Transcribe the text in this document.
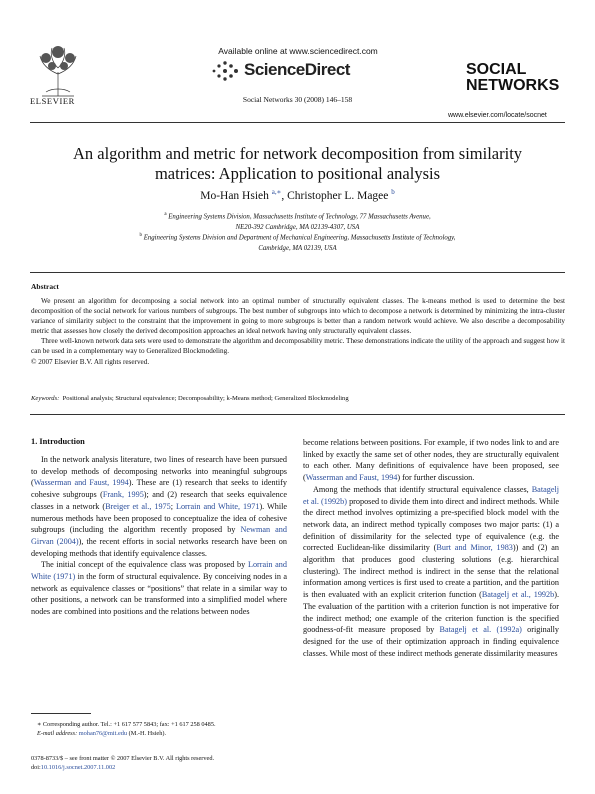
ELSEVIER
Available online at www.sciencedirect.com
ScienceDirect
Social Networks 30 (2008) 146–158
SOCIAL
NETWORKS
www.elsevier.com/locate/socnet
An algorithm and metric for network decomposition from similarity
matrices: Application to positional analysis
Mo-Han Hsieh $^{a,∗}$, Christopher L. Magee $^b$
$^a$ Engineering Systems Division, Massachusetts Institute of Technology, 77 Massachusetts Avenue,
NE20-392 Cambridge, MA 02139-4307, USA
$^b$ Engineering Systems Division and Department of Mechanical Engineering, Massachusetts Institute of Technology,
Cambridge, MA 02139, USA
Abstract

We present an algorithm for decomposing a social network into an optimal number of structurally equivalent classes. The k-means method is used to determine the best decomposition of the social network for various numbers of subgroups. The best number of subgroups into which to decompose a network is determined by minimizing the intra-cluster variance of similarity subject to the constraint that the improvement in going to more subgroups is better than a random network would achieve. We also describe a decomposability metric that assesses how closely the derived decomposition approaches an ideal network having only structurally equivalent classes.

Three well-known network data sets were used to demonstrate the algorithm and decomposability metric. These demonstrations indicate the utility of the approach and suggest how it can be used in a complementary way to Generalized Blockmodeling.

© 2007 Elsevier B.V. All rights reserved.

Keywords: Positional analysis; Structural equivalence; Decomposability; k-Means method; Generalized Blockmodeling
1. Introduction

In the network analysis literature, two lines of research have been pursued to develop methods of decomposing networks into meaningful subgroups (Wasserman and Faust, 1994). These are (1) research that seeks to identify cohesive subgroups (Frank, 1995); and (2) research that seeks equivalence classes in a network (Breiger et al., 1975; Lorrain and White, 1971). While numerous methods have been proposed to conceptualize the idea of cohesive subgroups (including the algorithm recently proposed by Newman and Girvan (2004)), the recent efforts in social networks research have been on developing methods that identify equivalence classes.

The initial concept of the equivalence class was proposed by Lorrain and White (1971) in the form of structural equivalence. By conceiving nodes in a network as equivalence classes or “positions” that relate in a similar way to other positions, a network can be transformed into a simplified model where nodes are combined into positions and the relations between nodes

become relations between positions. For example, if two nodes link to and are linked by exactly the same set of other nodes, they are structurally equivalent to each other. Many definitions of equivalence have been proposed, see (Wasserman and Faust, 1994) for further discussion.

Among the methods that identify structural equivalence classes, Batagelj et al. (1992b) proposed to divide them into direct and indirect methods. While the direct method involves optimizing a pre-specified block model with the network data, an indirect method typically composes two major parts: (1) a definition of dissimilarity for the selected type of equivalence (e.g. the corrected Euclidean-like dissimilarity (Burt and Minor, 1983)) and (2) an algorithm that produces good clustering solutions (e.g. hierarchical clustering). The indirect method is indirect in the sense that the relational information among vertices is first used to create a partition, and the partition is then evaluated with an explicit criterion function (Batagelj et al., 1992b). The evaluation of the partition with a criterion function is not imperative for the indirect method; one example of the criterion function is the specified goodness-of-fit measure proposed by Batagelj et al. (1992a) originally designed for the use of their optimization approach in finding equivalence classes. While most of these indirect methods generate dissimilarity measures

∗ Corresponding author. Tel.: +1 617 577 5843; fax: +1 617 258 0485.

E-mail address: mohan76@mit.edu (M.-H. Hsieh).

0378-8733/$ – see front matter © 2007 Elsevier B.V. All rights reserved.

doi:10.1016/j.socnet.2007.11.002
